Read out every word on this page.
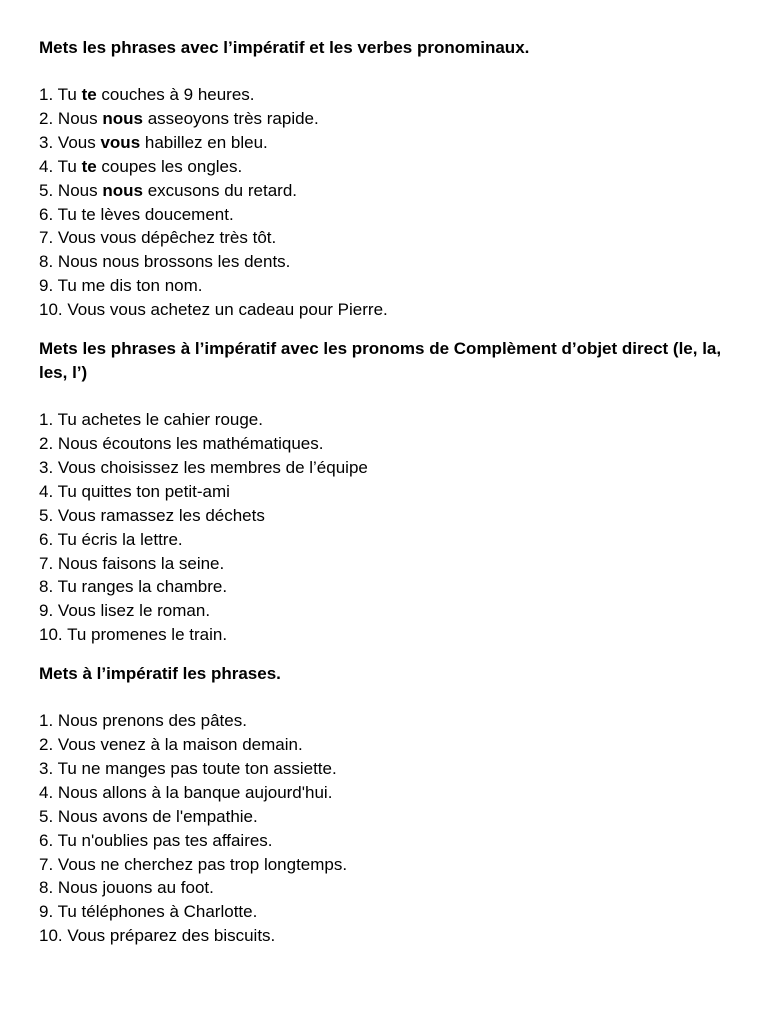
Mets les phrases avec l’impératif et les verbes pronominaux.

1. Tu te couches à 9 heures.
2. Nous nous asseoyons très rapide.
3. Vous vous habillez en bleu.
4. Tu te coupes les ongles.
5. Nous nous excusons du retard.
6. Tu te lèves doucement.
7. Vous vous dépêchez très tôt.
8. Nous nous brossons les dents.
9. Tu me dis ton nom.
10. Vous vous achetez un cadeau pour Pierre.

Mets les phrases à l’impératif avec les pronoms de Complèment d’objet direct (le, la, les, l’)

1. Tu achetes le cahier rouge.
2. Nous écoutons les mathématiques.
3. Vous choisissez les membres de l’équipe
4. Tu quittes ton petit-ami
5. Vous ramassez les déchets
6. Tu écris la lettre.
7. Nous faisons la seine.
8. Tu ranges la chambre.
9. Vous lisez le roman.
10. Tu promenes le train.

Mets à l’impératif les phrases.

1. Nous prenons des pâtes.
2. Vous venez à la maison demain.
3. Tu ne manges pas toute ton assiette.
4. Nous allons à la banque aujourd'hui.
5. Nous avons de l'empathie.
6. Tu n'oublies pas tes affaires.
7. Vous ne cherchez pas trop longtemps.
8. Nous jouons au foot.
9. Tu téléphones à Charlotte.
10. Vous préparez des biscuits.
